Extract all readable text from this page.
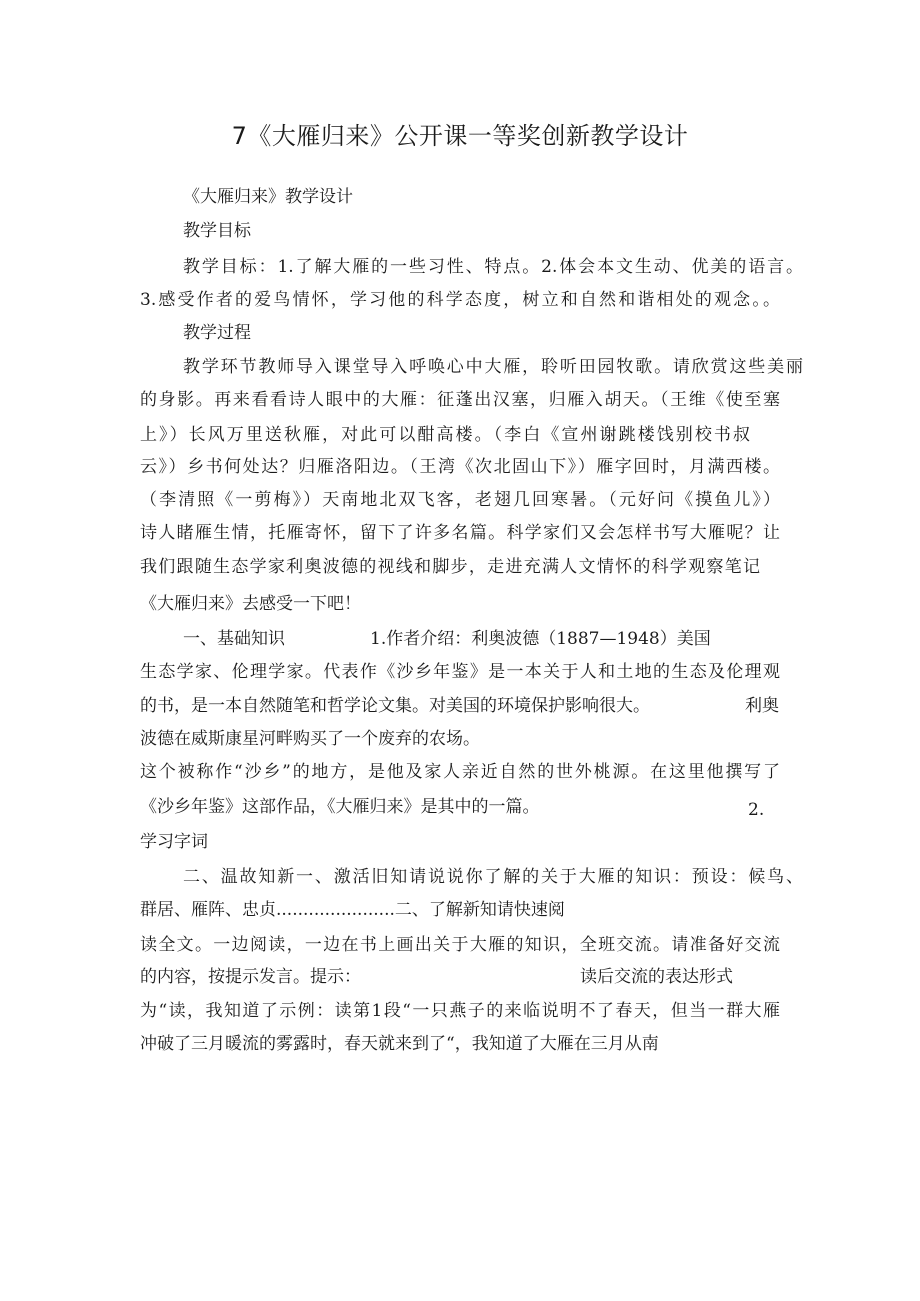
7《大雁归来》公开课一等奖创新教学设计
《大雁归来》教学设计
教学目标
教学目标：1.了解大雁的一些习性、特点。2.体会本文生动、优美的语言。
3.感受作者的爱鸟情怀，学习他的科学态度，树立和自然和谐相处的观念。。
教学过程
教学环节教师导入课堂导入呼唤心中大雁，聆听田园牧歌。请欣赏这些美丽
的身影。再来看看诗人眼中的大雁：征蓬出汉塞，归雁入胡天。（王维《使至塞
上》）长风万里送秋雁，对此可以酣高楼。（李白《宣州谢跳楼饯别校书叔
云》）乡书何处达？归雁洛阳边。（王湾《次北固山下》）雁字回时，月满西楼。
（李清照《一剪梅》）天南地北双飞客，老翅几回寒暑。（元好问《摸鱼儿》）
诗人睹雁生情，托雁寄怀，留下了许多名篇。科学家们又会怎样书写大雁呢？让
我们跟随生态学家利奥波德的视线和脚步，走进充满人文情怀的科学观察笔记
《大雁归来》去感受一下吧！
一、基础知识	1.作者介绍：利奥波德（1887—1948）美国
生态学家、伦理学家。代表作《沙乡年鉴》是一本关于人和土地的生态及伦理观
的书，是一本自然随笔和哲学论文集。对美国的环境保护影响很大。	利奥
波德在威斯康星河畔购买了一个废弃的农场。
这个被称作“沙乡”的地方，是他及家人亲近自然的世外桃源。在这里他撰写了
《沙乡年鉴》这部作品，《大雁归来》是其中的一篇。	2.
学习字词
二、温故知新一、激活旧知请说说你了解的关于大雁的知识：预设：候鸟、
群居、雁阵、忠贞......................二、了解新知请快速阅
读全文。一边阅读，一边在书上画出关于大雁的知识，全班交流。请准备好交流
的内容，按提示发言。提示：	读后交流的表达形式
为“读，我知道了示例：读第1段“一只燕子的来临说明不了春天，但当一群大雁
冲破了三月暖流的雾露时，春天就来到了“，我知道了大雁在三月从南
